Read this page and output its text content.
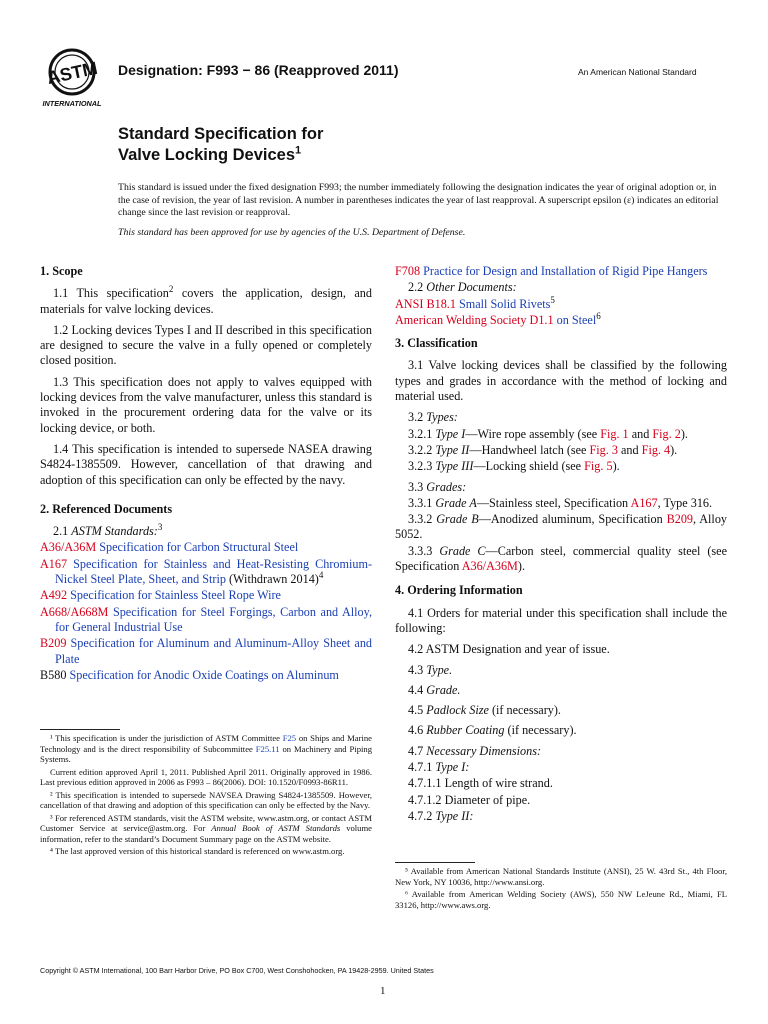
ASTM
INTERNATIONAL
Designation: F993 − 86 (Reapproved 2011)	An American National Standard
Standard Specification for
Valve Locking Devices$^1$

This standard is issued under the fixed designation F993; the number immediately following the designation indicates the year of original adoption or, in the case of revision, the year of last revision. A number in parentheses indicates the year of last reapproval. A superscript epsilon (ε) indicates an editorial change since the last revision or reapproval.

This standard has been approved for use by agencies of the U.S. Department of Defense.

1. Scope

1.1 This specification$^2$ covers the application, design, and materials for valve locking devices.

1.2 Locking devices Types I and II described in this specification are designed to secure the valve in a fully opened or completely closed position.

1.3 This specification does not apply to valves equipped with locking devices from the valve manufacturer, unless this standard is invoked in the procurement ordering data for the valve or its locking device, or both.

1.4 This specification is intended to supersede NASEA drawing S4824-1385509. However, cancellation of that drawing and adoption of this specification can only be effected by the navy.

2. Referenced Documents
2.1 ASTM Standards:$^3$
A36/A36M Specification for Carbon Structural Steel
A167 Specification for Stainless and Heat-Resisting Chromium-Nickel Steel Plate, Sheet, and Strip (Withdrawn 2014)$^4$
A492 Specification for Stainless Steel Rope Wire
A668/A668M Specification for Steel Forgings, Carbon and Alloy, for General Industrial Use
B209 Specification for Aluminum and Aluminum-Alloy Sheet and Plate
B580 Specification for Anodic Oxide Coatings on Aluminum

¹ This specification is under the jurisdiction of ASTM Committee F25 on Ships and Marine Technology and is the direct responsibility of Subcommittee F25.11 on Machinery and Piping Systems.

Current edition approved April 1, 2011. Published April 2011. Originally approved in 1986. Last previous edition approved in 2006 as F993 – 86(2006). DOI: 10.1520/F0993-86R11.

² This specification is intended to supersede NAVSEA Drawing S4824-1385509. However, cancellation of that drawing and adoption of this specification can only be effected by the Navy.

³ For referenced ASTM standards, visit the ASTM website, www.astm.org, or contact ASTM Customer Service at service@astm.org. For Annual Book of ASTM Standards volume information, refer to the standard’s Document Summary page on the ASTM website.

⁴ The last approved version of this historical standard is referenced on www.astm.org.

F708 Practice for Design and Installation of Rigid Pipe Hangers
2.2 Other Documents:
ANSI B18.1 Small Solid Rivets$^5$
American Welding Society D1.1 on Steel$^6$
3. Classification

3.1 Valve locking devices shall be classified by the following types and grades in accordance with the method of locking and material used.

3.2 Types:
3.2.1 Type I—Wire rope assembly (see Fig. 1 and Fig. 2).
3.2.2 Type II—Handwheel latch (see Fig. 3 and Fig. 4).
3.2.3 Type III—Locking shield (see Fig. 5).
3.3 Grades:

3.3.1 Grade A—Stainless steel, Specification A167, Type 316.

3.3.2 Grade B—Anodized aluminum, Specification B209, Alloy 5052.

3.3.3 Grade C—Carbon steel, commercial quality steel (see Specification A36/A36M).

4. Ordering Information

4.1 Orders for material under this specification shall include the following:

4.2 ASTM Designation and year of issue.
4.3 Type.
4.4 Grade.
4.5 Padlock Size (if necessary).
4.6 Rubber Coating (if necessary).
4.7 Necessary Dimensions:
4.7.1 Type I:
4.7.1.1 Length of wire strand.
4.7.1.2 Diameter of pipe.
4.7.2 Type II:

⁵ Available from American National Standards Institute (ANSI), 25 W. 43rd St., 4th Floor, New York, NY 10036, http://www.ansi.org.

⁶ Available from American Welding Society (AWS), 550 NW LeJeune Rd., Miami, FL 33126, http://www.aws.org.

Copyright © ASTM International, 100 Barr Harbor Drive, PO Box C700, West Conshohocken, PA 19428-2959. United States
1
